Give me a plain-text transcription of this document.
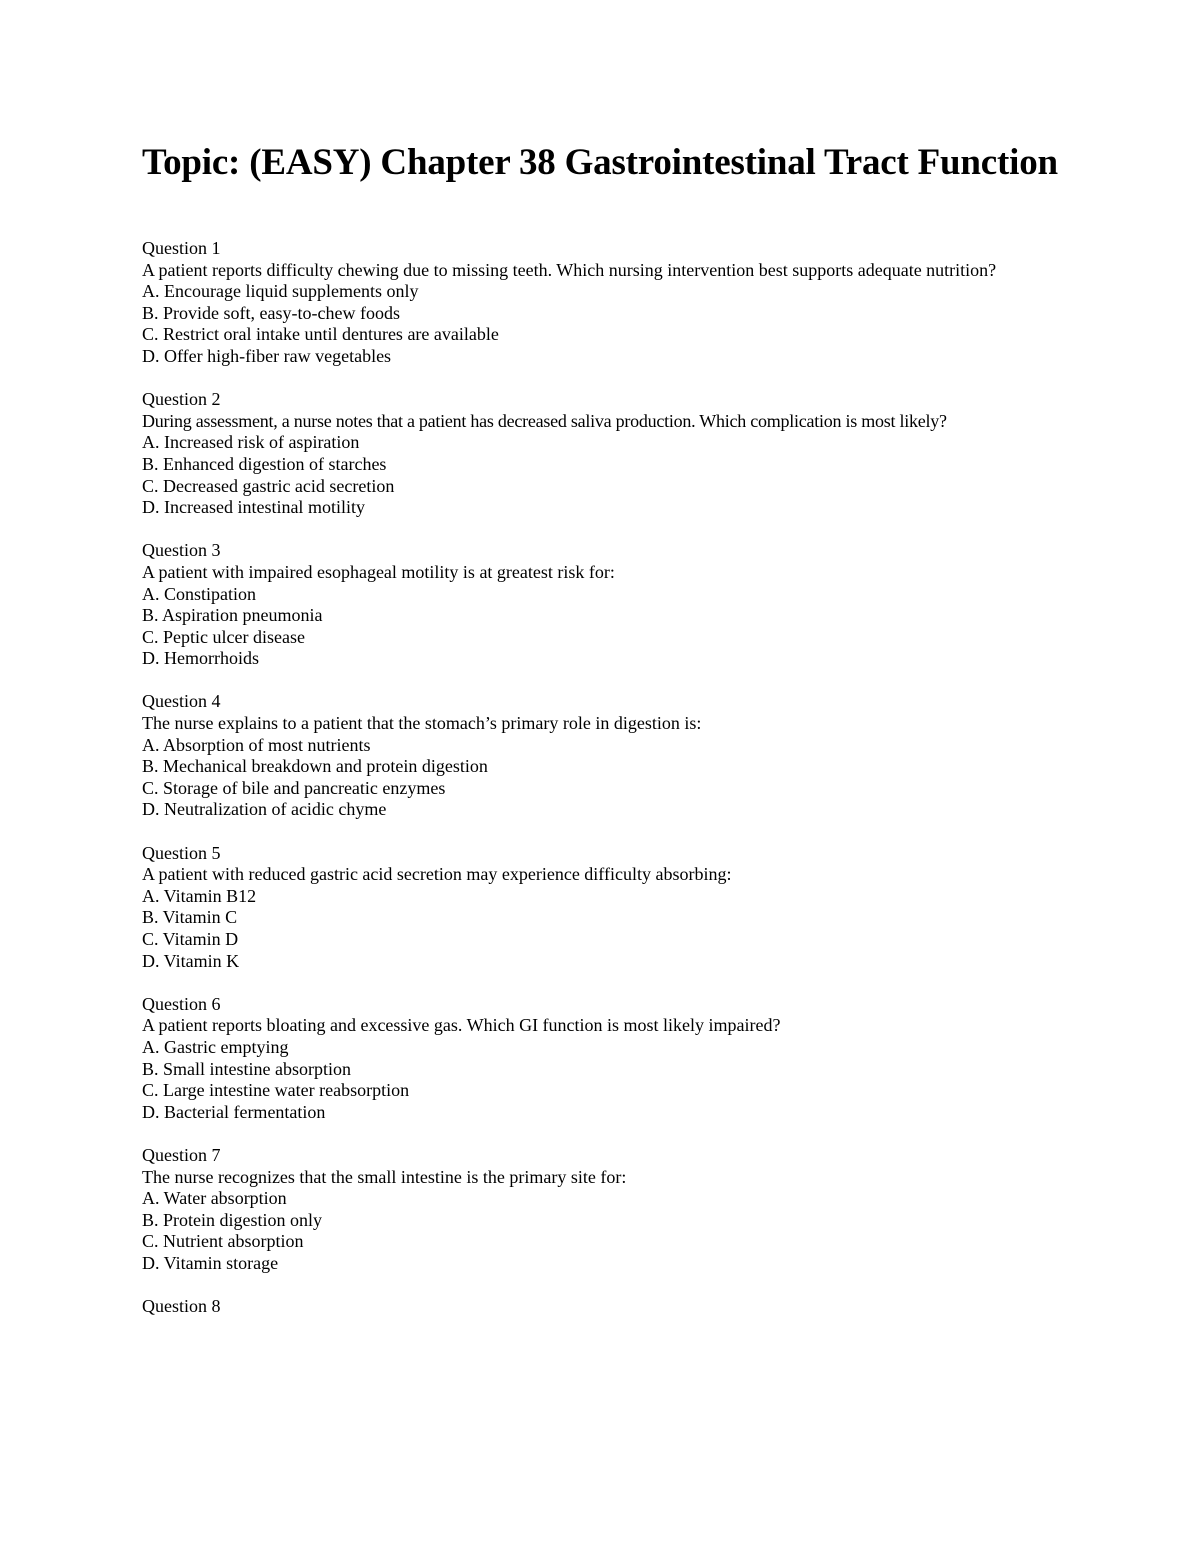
Topic: (EASY) Chapter 38 Gastrointestinal Tract Function
Question 1
A patient reports difficulty chewing due to missing teeth. Which nursing intervention best supports adequate nutrition?
A. Encourage liquid supplements only
B. Provide soft, easy-to-chew foods
C. Restrict oral intake until dentures are available
D. Offer high-fiber raw vegetables
Question 2
During assessment, a nurse notes that a patient has decreased saliva production. Which complication is most likely?
A. Increased risk of aspiration
B. Enhanced digestion of starches
C. Decreased gastric acid secretion
D. Increased intestinal motility
Question 3
A patient with impaired esophageal motility is at greatest risk for:
A. Constipation
B. Aspiration pneumonia
C. Peptic ulcer disease
D. Hemorrhoids
Question 4
The nurse explains to a patient that the stomach’s primary role in digestion is:
A. Absorption of most nutrients
B. Mechanical breakdown and protein digestion
C. Storage of bile and pancreatic enzymes
D. Neutralization of acidic chyme
Question 5
A patient with reduced gastric acid secretion may experience difficulty absorbing:
A. Vitamin B12
B. Vitamin C
C. Vitamin D
D. Vitamin K
Question 6
A patient reports bloating and excessive gas. Which GI function is most likely impaired?
A. Gastric emptying
B. Small intestine absorption
C. Large intestine water reabsorption
D. Bacterial fermentation
Question 7
The nurse recognizes that the small intestine is the primary site for:
A. Water absorption
B. Protein digestion only
C. Nutrient absorption
D. Vitamin storage
Question 8
